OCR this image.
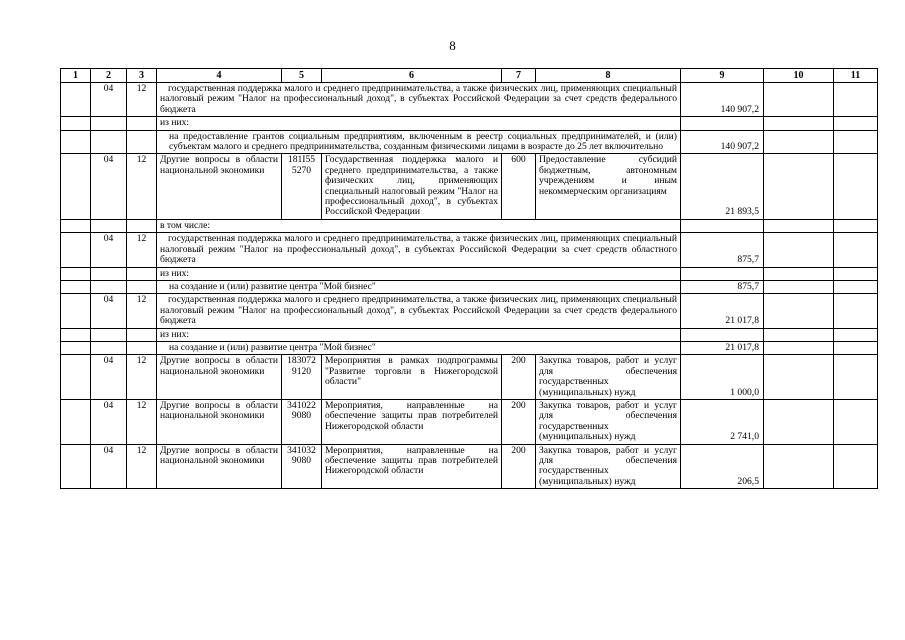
8
1	2	3	4	5	6	7	8	9	10	11
	04	12	государственная поддержка малого и среднего предпринимательства, а также физических лиц, применяющих специальный налоговый режим "Налог на профессиональный доход", в субъектах Российской Федерации за счет средств федерального бюджета					140 907,2		
			из них:							
			на предоставление грантов социальным предприятиям, включенным в реестр социальных предпринимателей, и (или) субъектам малого и среднего предпринимательства, созданным физическими лицами в возрасте до 25 лет включительно					140 907,2		
	04	12	Другие вопросы в области национальной экономики	181I55 5270	Государственная поддержка малого и среднего предпринимательства, а также физических лиц, применяющих специальный налоговый режим "Налог на профессиональный доход", в субъектах Российской Федерации	600	Предоставление субсидий бюджетным, автономным учреждениям и иным некоммерческим организациям	21 893,5		
			в том числе:							
	04	12	государственная поддержка малого и среднего предпринимательства, а также физических лиц, применяющих специальный налоговый режим "Налог на профессиональный доход", в субъектах Российской Федерации за счет средств областного бюджета					875,7		
			из них:							
			на создание и (или) развитие центра "Мой бизнес"					875,7		
	04	12	государственная поддержка малого и среднего предпринимательства, а также физических лиц, применяющих специальный налоговый режим "Налог на профессиональный доход", в субъектах Российской Федерации за счет средств федерального бюджета					21 017,8		
			из них:							
			на создание и (или) развитие центра "Мой бизнес"					21 017,8		
	04	12	Другие вопросы в области национальной экономики	183072 9120	Мероприятия в рамках подпрограммы "Развитие торговли в Нижегородской области"	200	Закупка товаров, работ и услуг для обеспечения государственных (муниципальных) нужд	1 000,0		
	04	12	Другие вопросы в области национальной экономики	341022 9080	Мероприятия, направленные на обеспечение защиты прав потребителей Нижегородской области	200	Закупка товаров, работ и услуг для обеспечения государственных (муниципальных) нужд	2 741,0		
	04	12	Другие вопросы в области национальной экономики	341032 9080	Мероприятия, направленные на обеспечение защиты прав потребителей Нижегородской области	200	Закупка товаров, работ и услуг для обеспечения государственных (муниципальных) нужд	206,5		
